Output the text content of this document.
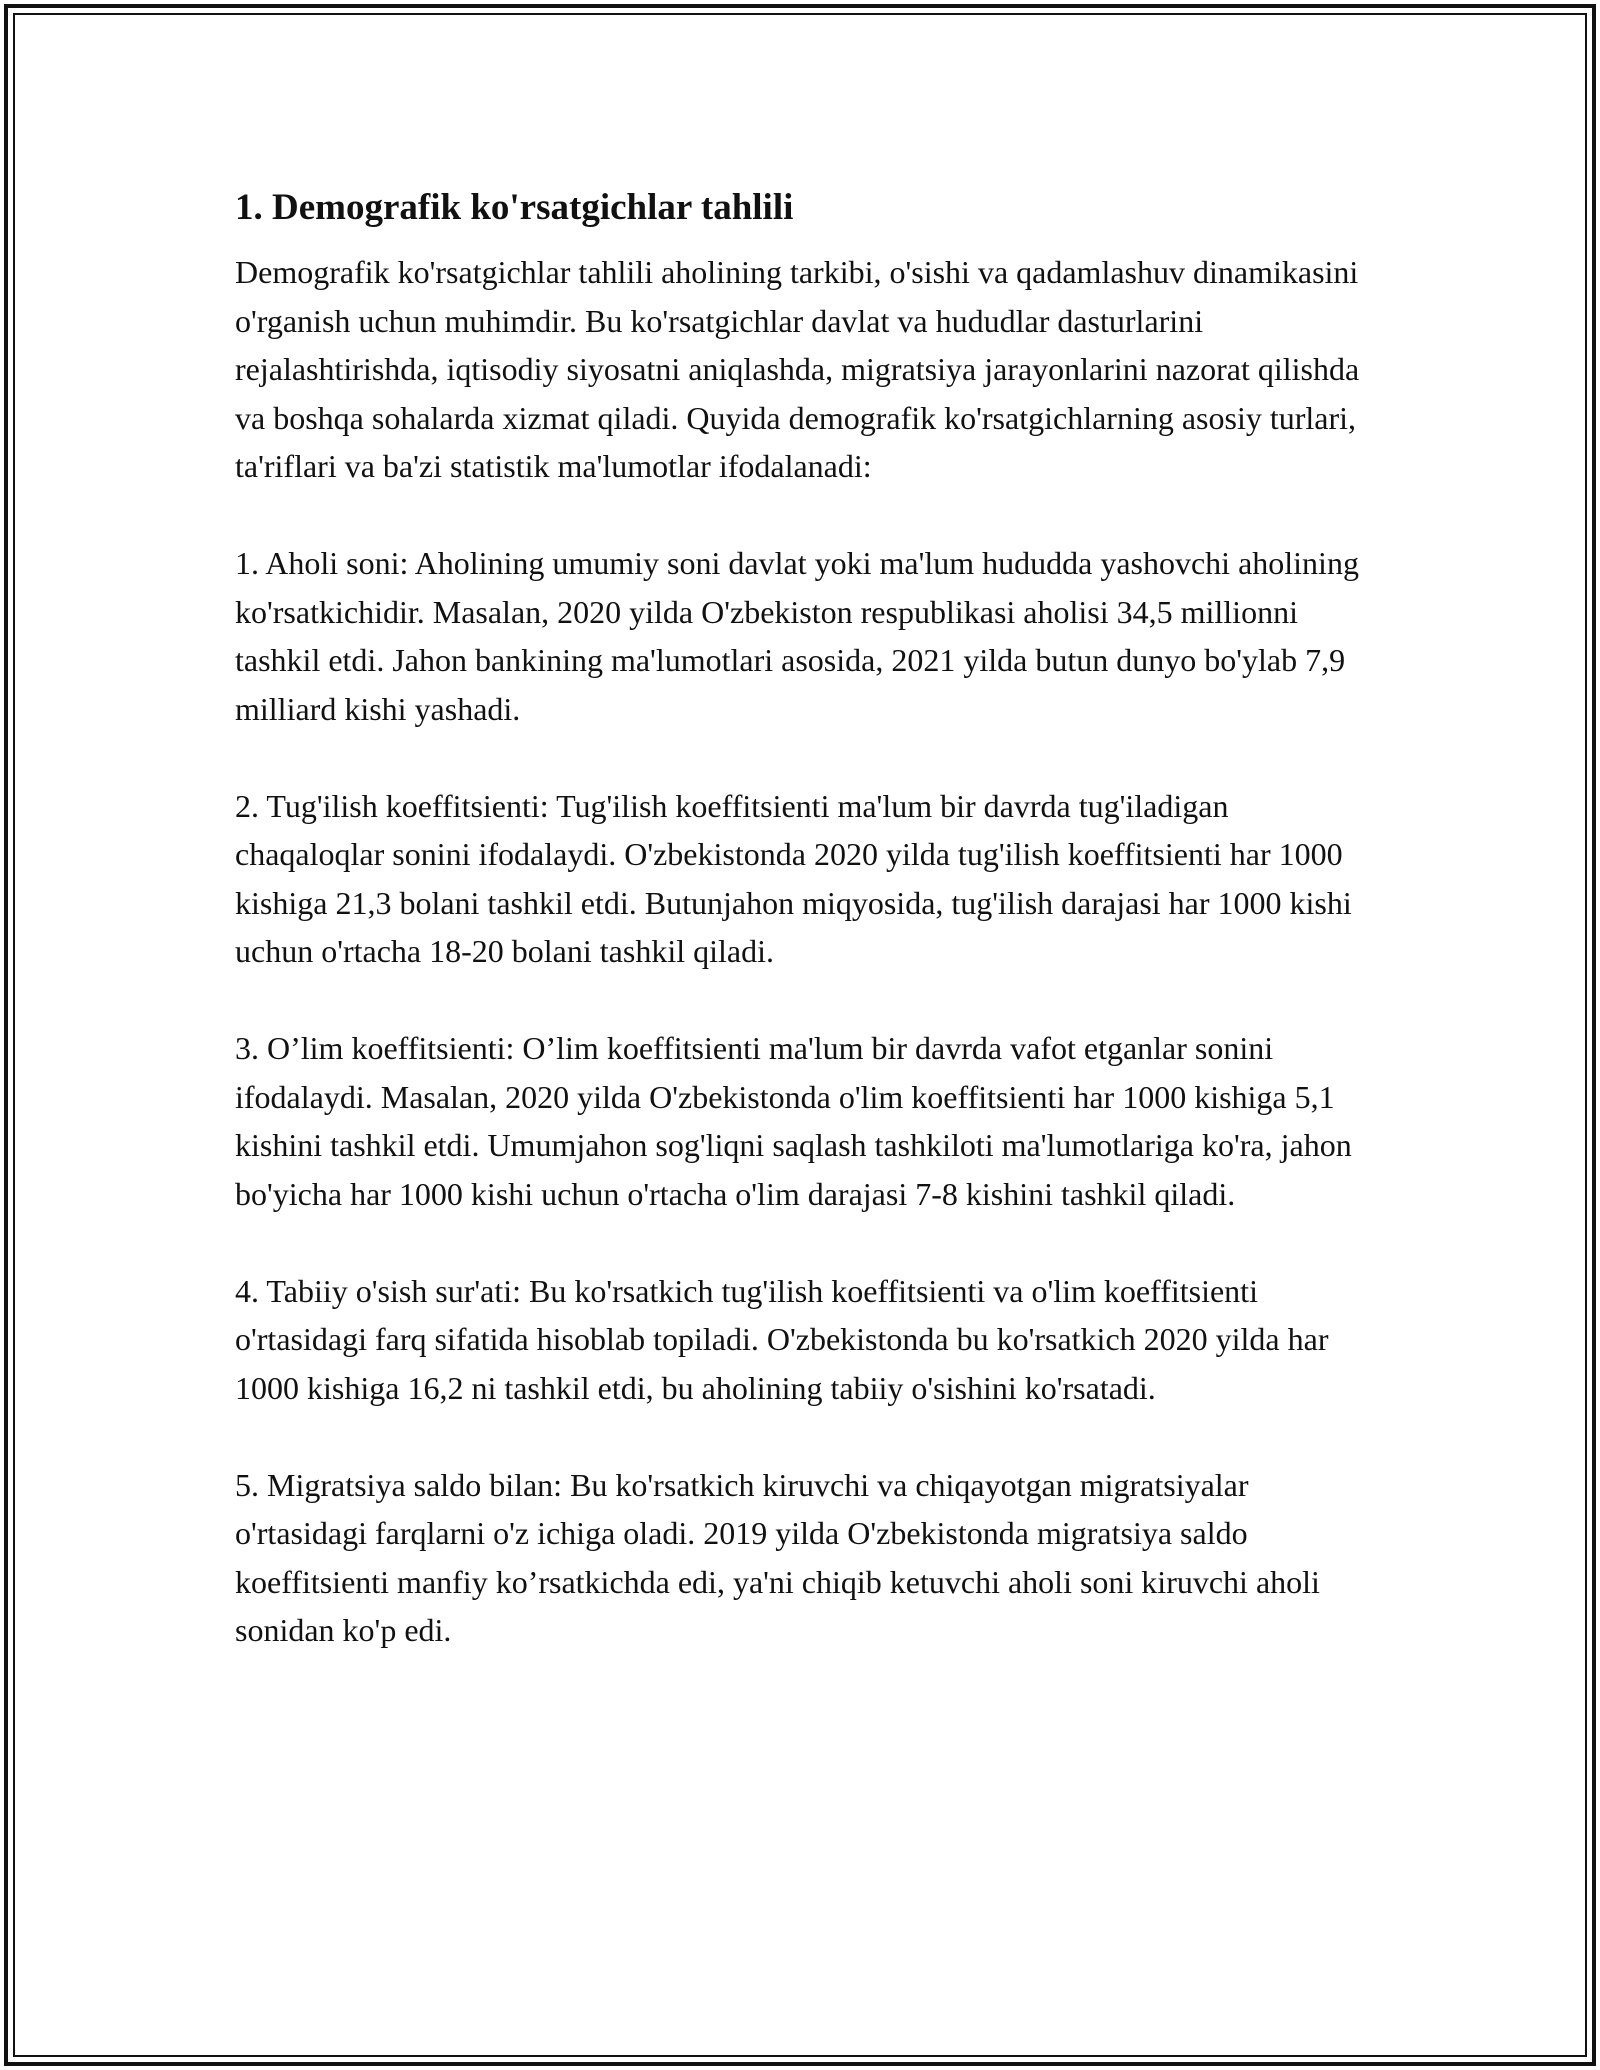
1. Demografik ko'rsatgichlar tahlili

Demografik ko'rsatgichlar tahlili aholining tarkibi, o'sishi va qadamlashuv dinamikasini o'rganish uchun muhimdir. Bu ko'rsatgichlar davlat va hududlar dasturlarini rejalashtirishda, iqtisodiy siyosatni aniqlashda, migratsiya jarayonlarini nazorat qilishda va boshqa sohalarda xizmat qiladi. Quyida demografik ko'rsatgichlarning asosiy turlari, ta'riflari va ba'zi statistik ma'lumotlar ifodalanadi:

1. Aholi soni: Aholining umumiy soni davlat yoki ma'lum hududda yashovchi aholining ko'rsatkichidir. Masalan, 2020 yilda O'zbekiston respublikasi aholisi 34,5 millionni tashkil etdi. Jahon bankining ma'lumotlari asosida, 2021 yilda butun dunyo bo'ylab 7,9 milliard kishi yashadi.

2. Tug'ilish koeffitsienti: Tug'ilish koeffitsienti ma'lum bir davrda tug'iladigan chaqaloqlar sonini ifodalaydi. O'zbekistonda 2020 yilda tug'ilish koeffitsienti har 1000 kishiga 21,3 bolani tashkil etdi. Butunjahon miqyosida, tug'ilish darajasi har 1000 kishi uchun o'rtacha 18-20 bolani tashkil qiladi.

3. O’lim koeffitsienti: O’lim koeffitsienti ma'lum bir davrda vafot etganlar sonini ifodalaydi. Masalan, 2020 yilda O'zbekistonda o'lim koeffitsienti har 1000 kishiga 5,1 kishini tashkil etdi. Umumjahon sog'liqni saqlash tashkiloti ma'lumotlariga ko'ra, jahon bo'yicha har 1000 kishi uchun o'rtacha o'lim darajasi 7-8 kishini tashkil qiladi.

4. Tabiiy o'sish sur'ati: Bu ko'rsatkich tug'ilish koeffitsienti va o'lim koeffitsienti o'rtasidagi farq sifatida hisoblab topiladi. O'zbekistonda bu ko'rsatkich 2020 yilda har 1000 kishiga 16,2 ni tashkil etdi, bu aholining tabiiy o'sishini ko'rsatadi.

5. Migratsiya saldo bilan: Bu ko'rsatkich kiruvchi va chiqayotgan migratsiyalar o'rtasidagi farqlarni o'z ichiga oladi. 2019 yilda O'zbekistonda migratsiya saldo koeffitsienti manfiy ko’rsatkichda edi, ya'ni chiqib ketuvchi aholi soni kiruvchi aholi sonidan ko'p edi.
